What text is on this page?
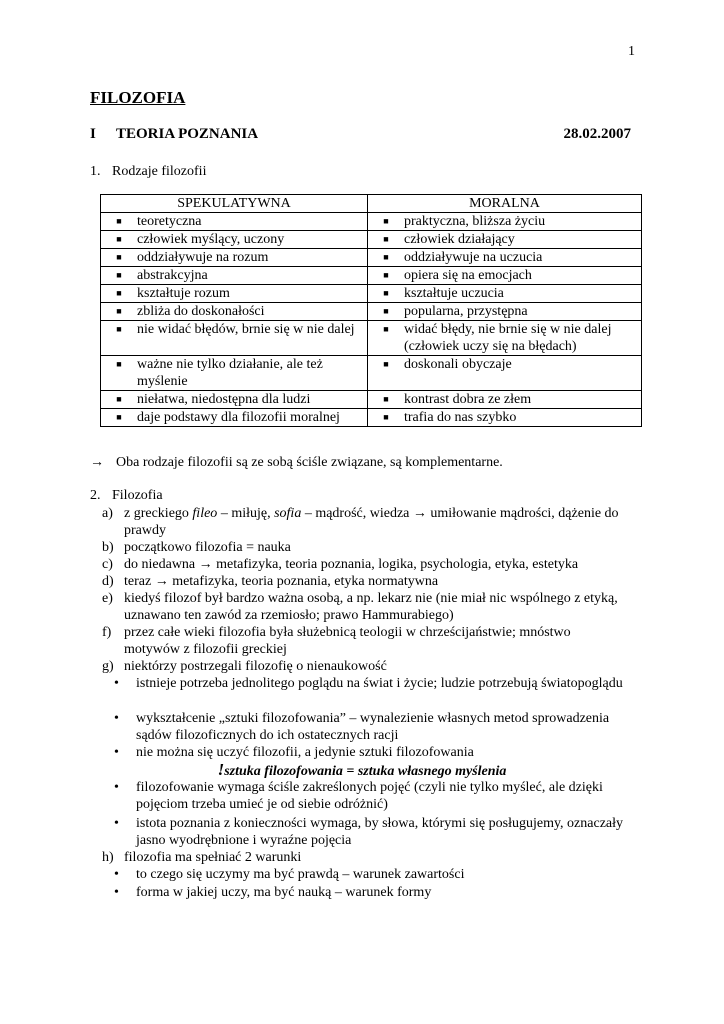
1
FILOZOFIA
I TEORIA POZNANIA	28.02.2007
1. Rodzaje filozofii
SPEKULATYWNA	MORALNA

■ teoretyczna	■ praktyczna, bliższa życiu

■ człowiek myślący, uczony	■ człowiek działający

■ oddziaływuje na rozum	■ oddziaływuje na uczucia

■ abstrakcyjna	■ opiera się na emocjach

■ kształtuje rozum	■ kształtuje uczucia

■ zbliża do doskonałości	■ popularna, przystępna

■ nie widać błędów, brnie się w nie dalej	■ widać błędy, nie brnie się w nie dalej (człowiek uczy się na błędach)

■ ważne nie tylko działanie, ale też myślenie	■ doskonali obyczaje

■ niełatwa, niedostępna dla ludzi	■ kontrast dobra ze złem

■ daje podstawy dla filozofii moralnej	■ trafia do nas szybko
→ Oba rodzaje filozofii są ze sobą ściśle związane, są komplementarne.
2. Filozofia
a) z greckiego fileo – miłuję, sofia – mądrość, wiedza → umiłowanie mądrości, dążenie do prawdy
b) początkowo filozofia = nauka
c) do niedawna → metafizyka, teoria poznania, logika, psychologia, etyka, estetyka
d) teraz → metafizyka, teoria poznania, etyka normatywna
e) kiedyś filozof był bardzo ważna osobą, a np. lekarz nie (nie miał nic wspólnego z etyką, uznawano ten zawód za rzemiosło; prawo Hammurabiego)
f) przez całe wieki filozofia była służebnicą teologii w chrześcijaństwie; mnóstwo motywów z filozofii greckiej
g) niektórzy postrzegali filozofię o nienaukowość
• istnieje potrzeba jednolitego poglądu na świat i życie; ludzie potrzebują światopoglądu
• wykształcenie „sztuki filozofowania” – wynalezienie własnych metod sprowadzenia sądów filozoficznych do ich ostatecznych racji
• nie można się uczyć filozofii, a jedynie sztuki filozofowania
!sztuka filozofowania = sztuka własnego myślenia
• filozofowanie wymaga ściśle zakreślonych pojęć (czyli nie tylko myśleć, ale dzięki pojęciom trzeba umieć je od siebie odróżnić)
• istota poznania z konieczności wymaga, by słowa, którymi się posługujemy, oznaczały jasno wyodrębnione i wyraźne pojęcia
h) filozofia ma spełniać 2 warunki
• to czego się uczymy ma być prawdą – warunek zawartości
• forma w jakiej uczy, ma być nauką – warunek formy
